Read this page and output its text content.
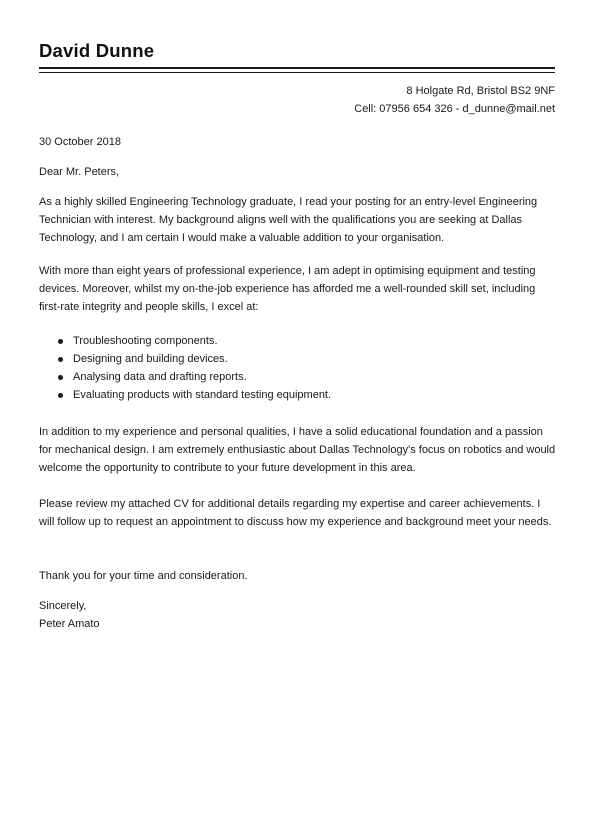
David Dunne
8 Holgate Rd, Bristol BS2 9NF
Cell: 07956 654 326 - d_dunne@mail.net

30 October 2018

Dear Mr. Peters,

As a highly skilled Engineering Technology graduate, I read your posting for an entry-level Engineering Technician with interest. My background aligns well with the qualifications you are seeking at Dallas Technology, and I am certain I would make a valuable addition to your organisation.

With more than eight years of professional experience, I am adept in optimising equipment and testing devices. Moreover, whilst my on-the-job experience has afforded me a well-rounded skill set, including first-rate integrity and people skills, I excel at:

Troubleshooting components.
Designing and building devices.
Analysing data and drafting reports.
Evaluating products with standard testing equipment.

In addition to my experience and personal qualities, I have a solid educational foundation and a passion for mechanical design. I am extremely enthusiastic about Dallas Technology's focus on robotics and would welcome the opportunity to contribute to your future development in this area.

Please review my attached CV for additional details regarding my expertise and career achievements. I will follow up to request an appointment to discuss how my experience and background meet your needs.

Thank you for your time and consideration.

Sincerely,
Peter Amato
